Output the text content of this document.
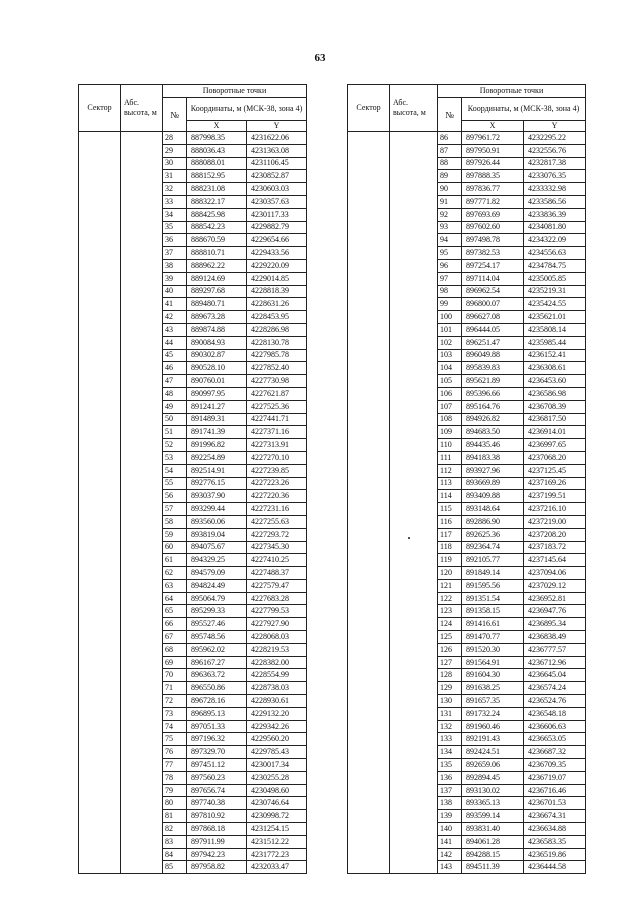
63
Сектор	Абс. высота, м	Поворотные точки		
		№	Координаты, м (МСК-38, зона 4)	
			X	Y
		28	887998.35	4231622.06
		29	888036.43	4231363.08
		30	888088.01	4231106.45
		31	888152.95	4230852.87
		32	888231.08	4230603.03
		33	888322.17	4230357.63
		34	888425.98	4230117.33
		35	888542.23	4229882.79
		36	888670.59	4229654.66
		37	888810.71	4229433.56
		38	888962.22	4229220.09
		39	889124.69	4229014.85
		40	889297.68	4228818.39
		41	889480.71	4228631.26
		42	889673.28	4228453.95
		43	889874.88	4228286.98
		44	890084.93	4228130.78
		45	890302.87	4227985.78
		46	890528.10	4227852.40
		47	890760.01	4227730.98
		48	890997.95	4227621.87
		49	891241.27	4227525.36
		50	891489.31	4227441.71
		51	891741.39	4227371.16
		52	891996.82	4227313.91
		53	892254.89	4227270.10
		54	892514.91	4227239.85
		55	892776.15	4227223.26
		56	893037.90	4227220.36
		57	893299.44	4227231.16
		58	893560.06	4227255.63
		59	893819.04	4227293.72
		60	894075.67	4227345.30
		61	894329.25	4227410.25
		62	894579.09	4227488.37
		63	894824.49	4227579.47
		64	895064.79	4227683.28
		65	895299.33	4227799.53
		66	895527.46	4227927.90
		67	895748.56	4228068.03
		68	895962.02	4228219.53
		69	896167.27	4228382.00
		70	896363.72	4228554.99
		71	896550.86	4228738.03
		72	896728.16	4228930.61
		73	896895.13	4229132.20
		74	897051.33	4229342.26
		75	897196.32	4229560.20
		76	897329.70	4229785.43
		77	897451.12	4230017.34
		78	897560.23	4230255.28
		79	897656.74	4230498.60
		80	897740.38	4230746.64
		81	897810.92	4230998.72
		82	897868.18	4231254.15
		83	897911.99	4231512.22
		84	897942.23	4231772.23
		85	897958.82	4232033.47
Сектор	Абс. высота, м	Поворотные точки		
		№	Координаты, м (МСК-38, зона 4)	
			X	Y
		86	897961.72	4232295.22
		87	897950.91	4232556.76
		88	897926.44	4232817.38
		89	897888.35	4233076.35
		90	897836.77	4233332.98
		91	897771.82	4233586.56
		92	897693.69	4233836.39
		93	897602.60	4234081.80
		94	897498.78	4234322.09
		95	897382.53	4234556.63
		96	897254.17	4234784.75
		97	897114.04	4235005.85
		98	896962.54	4235219.31
		99	896800.07	4235424.55
		100	896627.08	4235621.01
		101	896444.05	4235808.14
		102	896251.47	4235985.44
		103	896049.88	4236152.41
		104	895839.83	4236308.61
		105	895621.89	4236453.60
		106	895396.66	4236586.98
		107	895164.76	4236708.39
		108	894926.82	4236817.50
		109	894683.50	4236914.01
		110	894435.46	4236997.65
		111	894183.38	4237068.20
		112	893927.96	4237125.45
		113	893669.89	4237169.26
		114	893409.88	4237199.51
		115	893148.64	4237216.10
		116	892886.90	4237219.00
		117	892625.36	4237208.20
		118	892364.74	4237183.72
		119	892105.77	4237145.64
		120	891849.14	4237094.06
		121	891595.56	4237029.12
		122	891351.54	4236952.81
		123	891358.15	4236947.76
		124	891416.61	4236895.34
		125	891470.77	4236838.49
		126	891520.30	4236777.57
		127	891564.91	4236712.96
		128	891604.30	4236645.04
		129	891638.25	4236574.24
		130	891657.35	4236524.76
		131	891732.24	4236548.18
		132	891960.46	4236606.63
		133	892191.43	4236653.05
		134	892424.51	4236687.32
		135	892659.06	4236709.35
		136	892894.45	4236719.07
		137	893130.02	4236716.46
		138	893365.13	4236701.53
		139	893599.14	4236674.31
		140	893831.40	4236634.88
		141	894061.28	4236583.35
		142	894288.15	4236519.86
		143	894511.39	4236444.58
